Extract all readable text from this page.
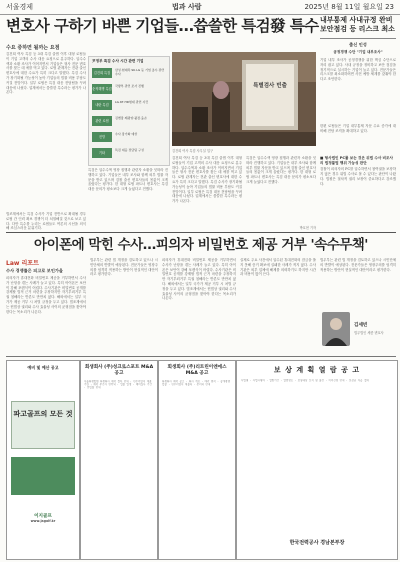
서울경제	법과 사람	2025년 8월 11일 월요일 23
변호사 구하기 바쁜 기업들…씁쓸한 특검發 특수
수요 증하면 될까는 요점
김건희 여사 특검 등 3대 특검 출범 이후 대형 로펌들이 기업 고객의 수사 대응 요청으로 분주하다. 압수수색과 소환 조사가 이어지면서 기업들은 형사 전문 변호사를 찾는 데 애를 먹고 있다. 로펌 관계자는 전관 출신 변호사에 대한 수요가 특히 크다고 말했다. 특검 수사가 장기화될 가능성이 높아 기업들의 법률 비용 부담도 커질 전망이다. 일부 로펌은 특검 대응 전담팀을 꾸려 대응에 나섰다. 업계에서는 씁쓸한 특수라는 평가가 나온다.
법조계에서는 특검 수사가 기업 전반으로 확대될 경우 로펌 간 인력 확보 경쟁이 더 치열해질 것으로 보고 있다. 다만 특수를 누리는 로펌들도 여론의 시선을 의식해 조심스러운 분위기다.
尹정부 특검 수사 시간 관련 기업
김건희 특검
삼성·현대차·SK·LG 등 기업 총수 관련 수사
순직해병 특검
국방부 관련 조사 진행
내란 특검
LG·KT·HD현대 관련 사건
관련 로펌
김앤장·태평양·광장·율촌
전망
수사 장기화 예상
기타
특검 대응 전담팀 구성
특별검사 빈출
김건희 여사 특검 사무실 입구
특검은 압수수색 영장 집행과 관련자 소환을 잇따라 진행하고 있다. 기업들은 내부 조사와 함께 외부 법률 자문을 받고 있으며 검찰 출신 변호사들의 몸값이 크게 올랐다는 평가다. 한 대형 로펌 파트너 변호사는 특검 대응 문의가 평소보다 크게 늘었다고 전했다.
김건희 여사 특검 등 3대 특검 출범 이후 대형 로펌들이 기업 고객의 수사 대응 요청으로 분주하다. 압수수색과 소환 조사가 이어지면서 기업들은 형사 전문 변호사를 찾는 데 애를 먹고 있다. 로펌 관계자는 전관 출신 변호사에 대한 수요가 특히 크다고 말했다. 특검 수사가 장기화될 가능성이 높아 기업들의 법률 비용 부담도 커질 전망이다. 일부 로펌은 특검 대응 전담팀을 꾸려 대응에 나섰다. 업계에서는 씁쓸한 특수라는 평가가 나온다.
특검은 압수수색 영장 집행과 관련자 소환을 잇따라 진행하고 있다. 기업들은 내부 조사와 함께 외부 법률 자문을 받고 있으며 검찰 출신 변호사들의 몸값이 크게 올랐다는 평가다. 한 대형 로펌 파트너 변호사는 특검 대응 문의가 평소보다 크게 늘었다고 전했다.
박호현 기자
내부통제 사내규정 완비 보안점검 등 리스크 최소
출신 인성
공정경쟁 수단 "기업 내부조사"
기업 내부 조사가 공정경쟁을 위한 핵심 수단으로 자리 잡고 있다. 사내 규정을 정비하고 보안 점검을 정기적으로 실시하는 기업이 늘고 있다. 전문가들은 리스크를 최소화하려면 사전 예방 체계를 갖춰야 한다고 조언한다.
한편 로펌들은 기업 내부통제 자문 수요 증가에 대비해 전담 조직을 확대하고 있다.
■ 형사법인 PC를 보는 것은 위법 수사 비조사의 법정불법 행위 가능성 판단
검찰이 피의자의 PC를 압수하면서 참여권을 보장하지 않은 경우 위법 수사로 볼 수 있다는 판단이 나왔다. 법원은 절차적 권리 보장이 중요하다고 강조했다.
아이폰에 막힌 수사…피의자 비밀번호 제공 거부 '속수무책'
Law 리포트
수사 경쟁률은 피고로 보인가을
피의자가 휴대전화 비밀번호 제공을 거부하면서 수사가 난항을 겪는 사례가 늘고 있다. 특히 아이폰은 보안이 강해 포렌식이 어렵다. 수사기관은 비밀번호 공개를 강제할 법적 근거 마련을 주장하지만 자기부죄거부 특권 침해라는 반론도 만만치 않다. 해외에서는 일부 국가가 제공 거부 시 처벌 규정을 두고 있다. 법조계에서는 헌법상 권리와 수사 효율성 사이의 균형점을 찾아야 한다는 목소리가 나온다.
법무부는 관련 법 개정을 검토하고 있으나 시민단체의 반발이 예상된다. 전문가들은 영장주의를 엄격히 적용하는 방안이 현실적인 대안이라고 평가한다.
피의자가 휴대전화 비밀번호 제공을 거부하면서 수사가 난항을 겪는 사례가 늘고 있다. 특히 아이폰은 보안이 강해 포렌식이 어렵다. 수사기관은 비밀번호 공개를 강제할 법적 근거 마련을 주장하지만 자기부죄거부 특권 침해라는 반론도 만만치 않다. 해외에서는 일부 국가가 제공 거부 시 처벌 규정을 두고 있다. 법조계에서는 헌법상 권리와 수사 효율성 사이의 균형점을 찾아야 한다는 목소리가 나온다.
실제로 주요 사건에서 압수된 휴대전화의 잠금을 풀지 못해 증거 확보에 실패한 사례가 적지 않다. 수사기관은 외부 업체에 해제를 의뢰하기도 하지만 시간과 비용이 많이 든다.
법무부는 관련 법 개정을 검토하고 있으나 시민단체의 반발이 예상된다. 전문가들은 영장주의를 엄격히 적용하는 방안이 현실적인 대안이라고 평가한다.
김세빈
법무법인 세종 변호사
예비 및 예산 공고
파고골프의 모든 것
이지골프
www.jagolf.kr
회생회사 (주)성크로스포트 M&A 공고
서울회생법원 회생회사 매각 절차 안내 · 인수의향서 제출 기한 · 매각 주간사 연락처 · 입찰 일정 · 예비실사 기간 · 본입찰 안내
회생회사 (주)리트린이엔에스 M&A 공고
회생회사 매각 공고 · 회사 개요 · 매각 방식 · 공개경쟁입찰 · 인수의향서 제출처 · 문의처 안내
보 상 계 획 열 람 공 고
사업명 · 사업시행자 · 열람기간 · 열람장소 · 보상대상 토지 및 물건 · 이의신청 안내 · 보상금 지급 절차
한국전력공사 경남본부장
